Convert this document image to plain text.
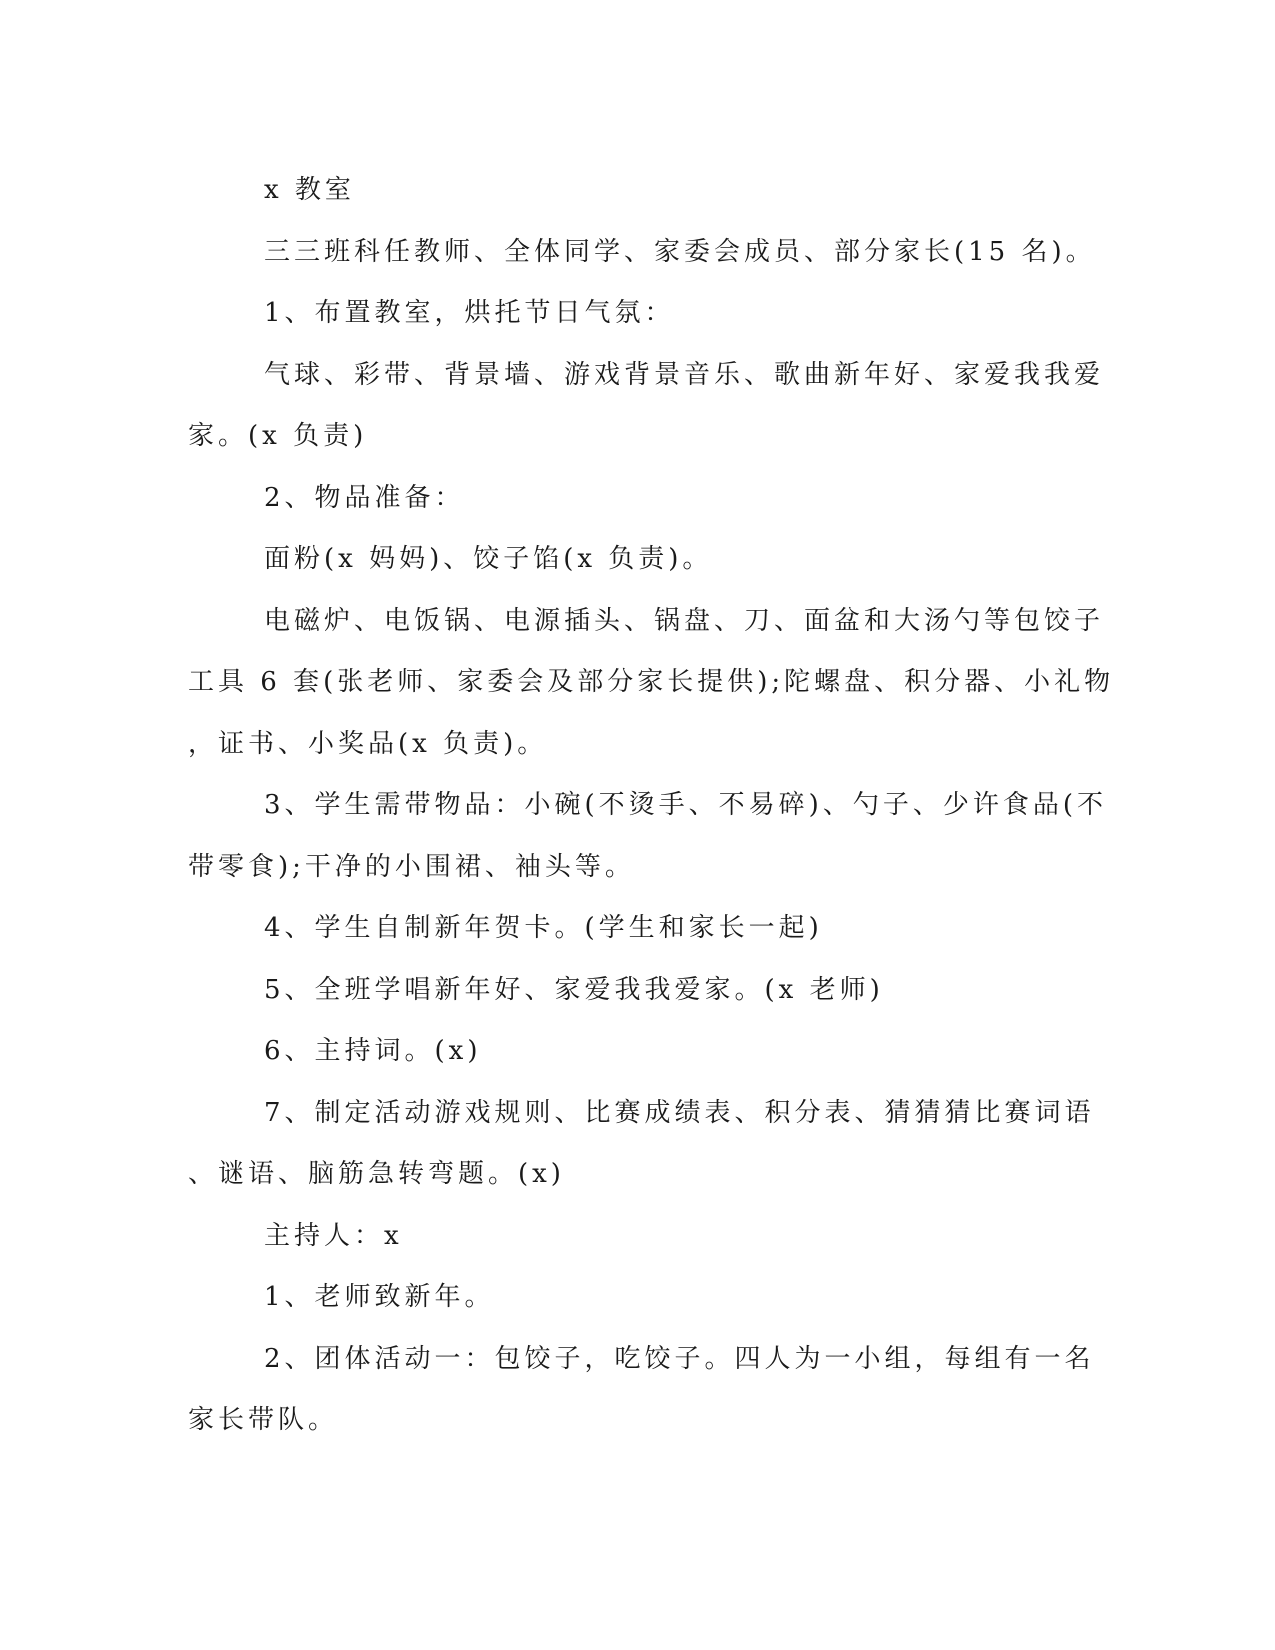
x 教室
三三班科任教师、全体同学、家委会成员、部分家长(15 名)。
1、布置教室，烘托节日气氛：
气球、彩带、背景墙、游戏背景音乐、歌曲新年好、家爱我我爱
家。(x 负责)
2、物品准备：
面粉(x 妈妈)、饺子馅(x 负责)。
电磁炉、电饭锅、电源插头、锅盘、刀、面盆和大汤勺等包饺子
工具 6 套(张老师、家委会及部分家长提供);陀螺盘、积分器、小礼物
，证书、小奖品(x 负责)。
3、学生需带物品：小碗(不烫手、不易碎)、勺子、少许食品(不
带零食);干净的小围裙、袖头等。
4、学生自制新年贺卡。(学生和家长一起)
5、全班学唱新年好、家爱我我爱家。(x 老师)
6、主持词。(x)
7、制定活动游戏规则、比赛成绩表、积分表、猜猜猜比赛词语
、谜语、脑筋急转弯题。(x)
主持人：x
1、老师致新年。
2、团体活动一：包饺子，吃饺子。四人为一小组，每组有一名
家长带队。
